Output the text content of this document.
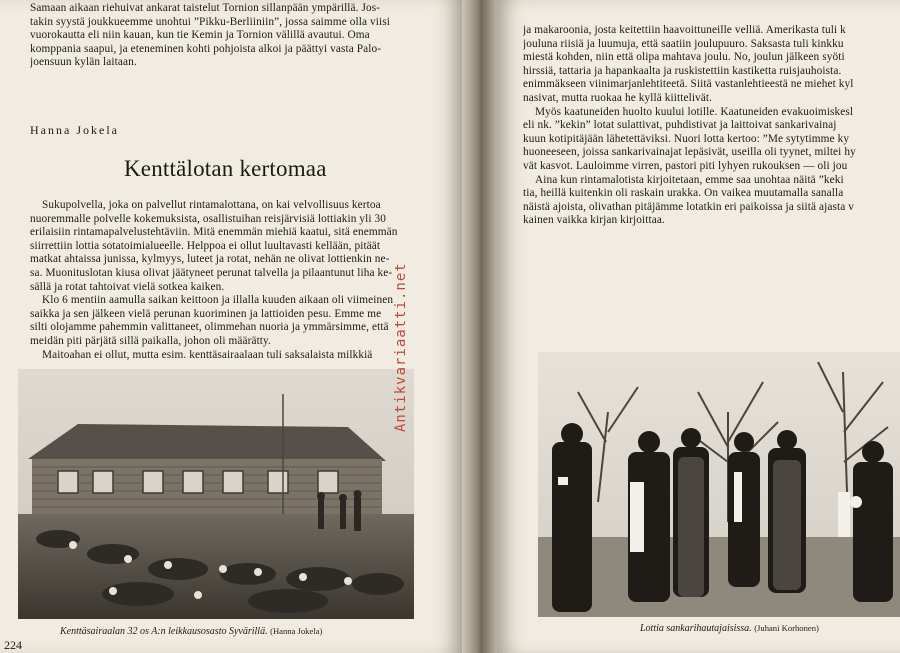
Samaan aikaan riehuivat ankarat taistelut Tornion sillanpään ympärillä. Jos-
takin syystä joukkueemme unohtui ”Pikku-Berliiniin”, jossa saimme olla viisi
vuorokautta eli niin kauan, kun tie Kemin ja Tornion välillä avautui. Oma
komppania saapui, ja eteneminen kohti pohjoista alkoi ja päättyi vasta Palo-
joensuun kylän laitaan.
Hanna Jokela
Kenttälotan kertomaa
Sukupolvella, joka on palvellut rintamalottana, on kai velvollisuus kertoa
nuoremmalle polvelle kokemuksista, osallistuihan reisjärvisiä lottiakin yli 30
erilaisiin rintamapalvelustehtäviin. Mitä enemmän miehiä kaatui, sitä enemmän
siirrettiin lottia sotatoimialueelle. Helppoa ei ollut luultavasti kellään, pitäät
matkat ahtaissa junissa, kylmyys, luteet ja rotat, nehän ne olivat lottienkin ne-
sa. Muonituslotan kiusa olivat jäätyneet perunat talvella ja pilaantunut liha ke-
sällä ja rotat tahtoivat vielä sotkea kaiken.
Klo 6 mentiin aamulla saikan keittoon ja illalla kuuden aikaan oli viimeinen
saikka ja sen jälkeen vielä perunan kuoriminen ja lattioiden pesu. Emme me
silti olojamme pahemmin valittaneet, olimmehan nuoria ja ymmärsimme, että
meidän piti pärjätä sillä paikalla, johon oli määrätty.
Maitoahan ei ollut, mutta esim. kenttäsairaalaan tuli saksalaista milkkiä
Kenttäsairaalan 32 os A:n leikkausosasto Syvärillä. (Hanna Jokela)
224
Antikvariaatti.net
ja makaroonia, josta keitettiin haavoittuneille velliä. Amerikasta tuli k
jouluna riisiä ja luumuja, että saatiin joulupuuro. Saksasta tuli kinkku
miestä kohden, niin että olipa mahtava joulu. No, joulun jälkeen syöti
hirssiä, tattaria ja hapankaalta ja ruskistettiin kastiketta ruisjauhoista.
enimmäkseen viinimarjanlehtiteetä. Siitä vastanlehtieestä ne miehet kyl
nasivat, mutta ruokaa he kyllä kiittelivät.
Myös kaatuneiden huolto kuului lotille. Kaatuneiden evakuoimiskesl
eli nk. ”kekin” lotat sulattivat, puhdistivat ja laittoivat sankarivainaj
kuun kotipitäjään lähetettäviksi. Nuori lotta kertoo: ”Me sytytimme ky
huoneeseen, joissa sankarivainajat lepäsivät, useilla oli tyynet, miltei hy
vät kasvot. Lauloimme virren, pastori piti lyhyen rukouksen — oli jou
Aina kun rintamalotista kirjoitetaan, emme saa unohtaa näitä ”keki
tia, heillä kuitenkin oli raskain urakka. On vaikea muutamalla sanalla
näistä ajoista, olivathan pitäjämme lotatkin eri paikoissa ja siitä ajasta v
kainen vaikka kirjan kirjoittaa.
Lottia sankarihautajaisissa. (Juhani Korhonen)
